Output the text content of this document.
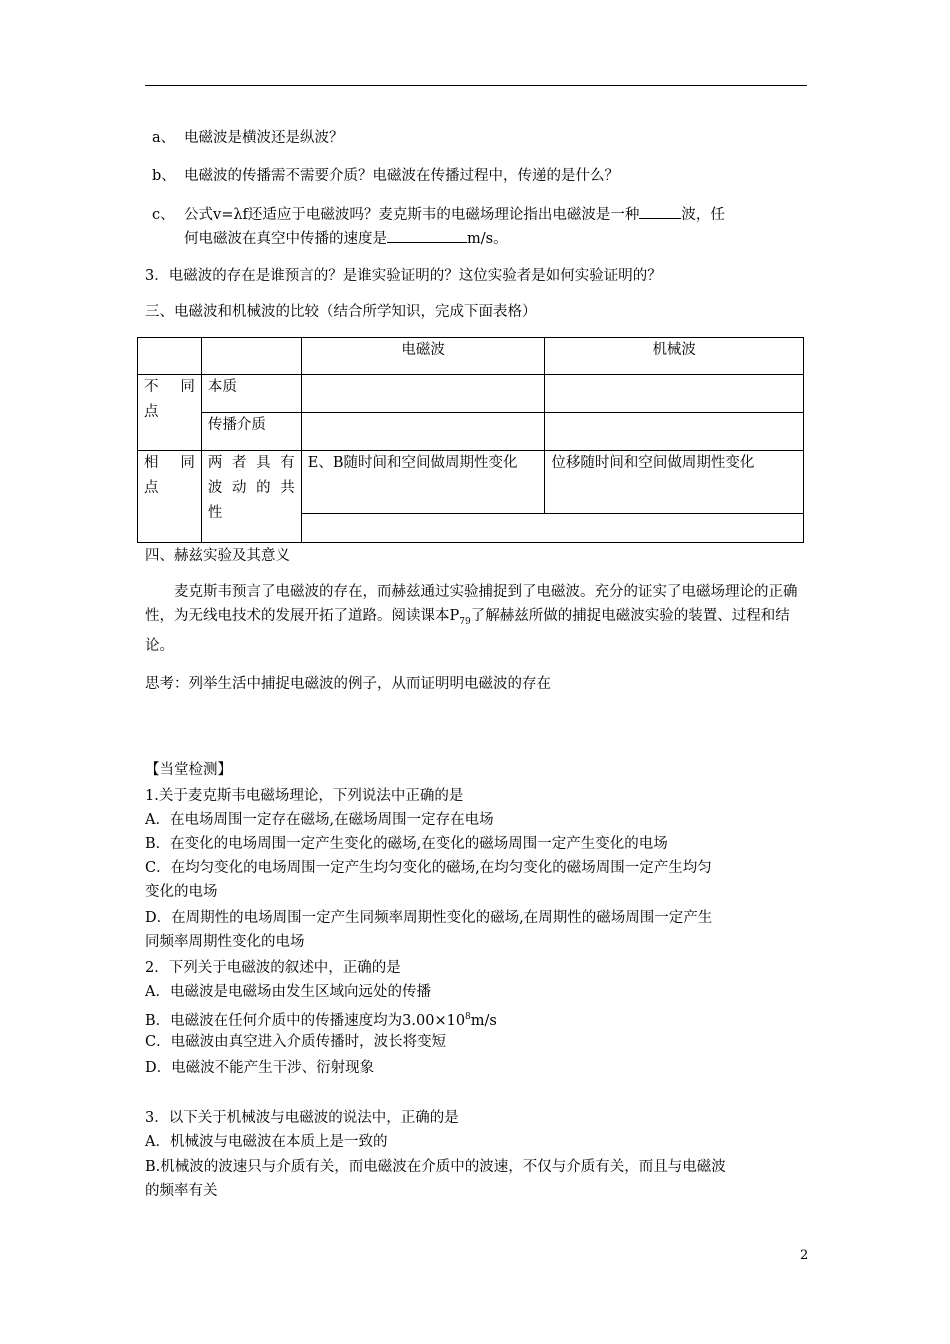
a、 电磁波是横波还是纵波？
b、 电磁波的传播需不需要介质？电磁波在传播过程中，传递的是什么？
c、 公式v=λf还适应于电磁波吗？麦克斯韦的电磁场理论指出电磁波是一种	波，任
何电磁波在真空中传播的速度是	m/s。
3．电磁波的存在是谁预言的？是谁实验证明的？这位实验者是如何实验证明的？
三、电磁波和机械波的比较（结合所学知识，完成下面表格）
		电磁波	机械波
不 同 点	本质		
	传播介质		
相 同 点	两 者 具 有 波 动 的 共 性	E、B随时间和空间做周期性变化	位移随时间和空间做周期性变化

四、赫兹实验及其意义
麦克斯韦预言了电磁波的存在，而赫兹通过实验捕捉到了电磁波。充分的证实了电磁场理论的正确性，为无线电技术的发展开拓了道路。阅读课本$P_{79}$了解赫兹所做的捕捉电磁波实验的装置、过程和结论。
思考：列举生活中捕捉电磁波的例子，从而证明明电磁波的存在
【当堂检测】
1.关于麦克斯韦电磁场理论，下列说法中正确的是
A．在电场周围一定存在磁场,在磁场周围一定存在电场
B．在变化的电场周围一定产生变化的磁场,在变化的磁场周围一定产生变化的电场
C．在均匀变化的电场周围一定产生均匀变化的磁场,在均匀变化的磁场周围一定产生均匀
变化的电场
D．在周期性的电场周围一定产生同频率周期性变化的磁场,在周期性的磁场周围一定产生
同频率周期性变化的电场
2．下列关于电磁波的叙述中，正确的是
A．电磁波是电磁场由发生区域向远处的传播
B．电磁波在任何介质中的传播速度均为$3.00\times 10^8m/s$
C．电磁波由真空进入介质传播时，波长将变短
D．电磁波不能产生干涉、衍射现象
3．以下关于机械波与电磁波的说法中，正确的是
A．机械波与电磁波在本质上是一致的
B.机械波的波速只与介质有关，而电磁波在介质中的波速，不仅与介质有关，而且与电磁波
的频率有关
2
